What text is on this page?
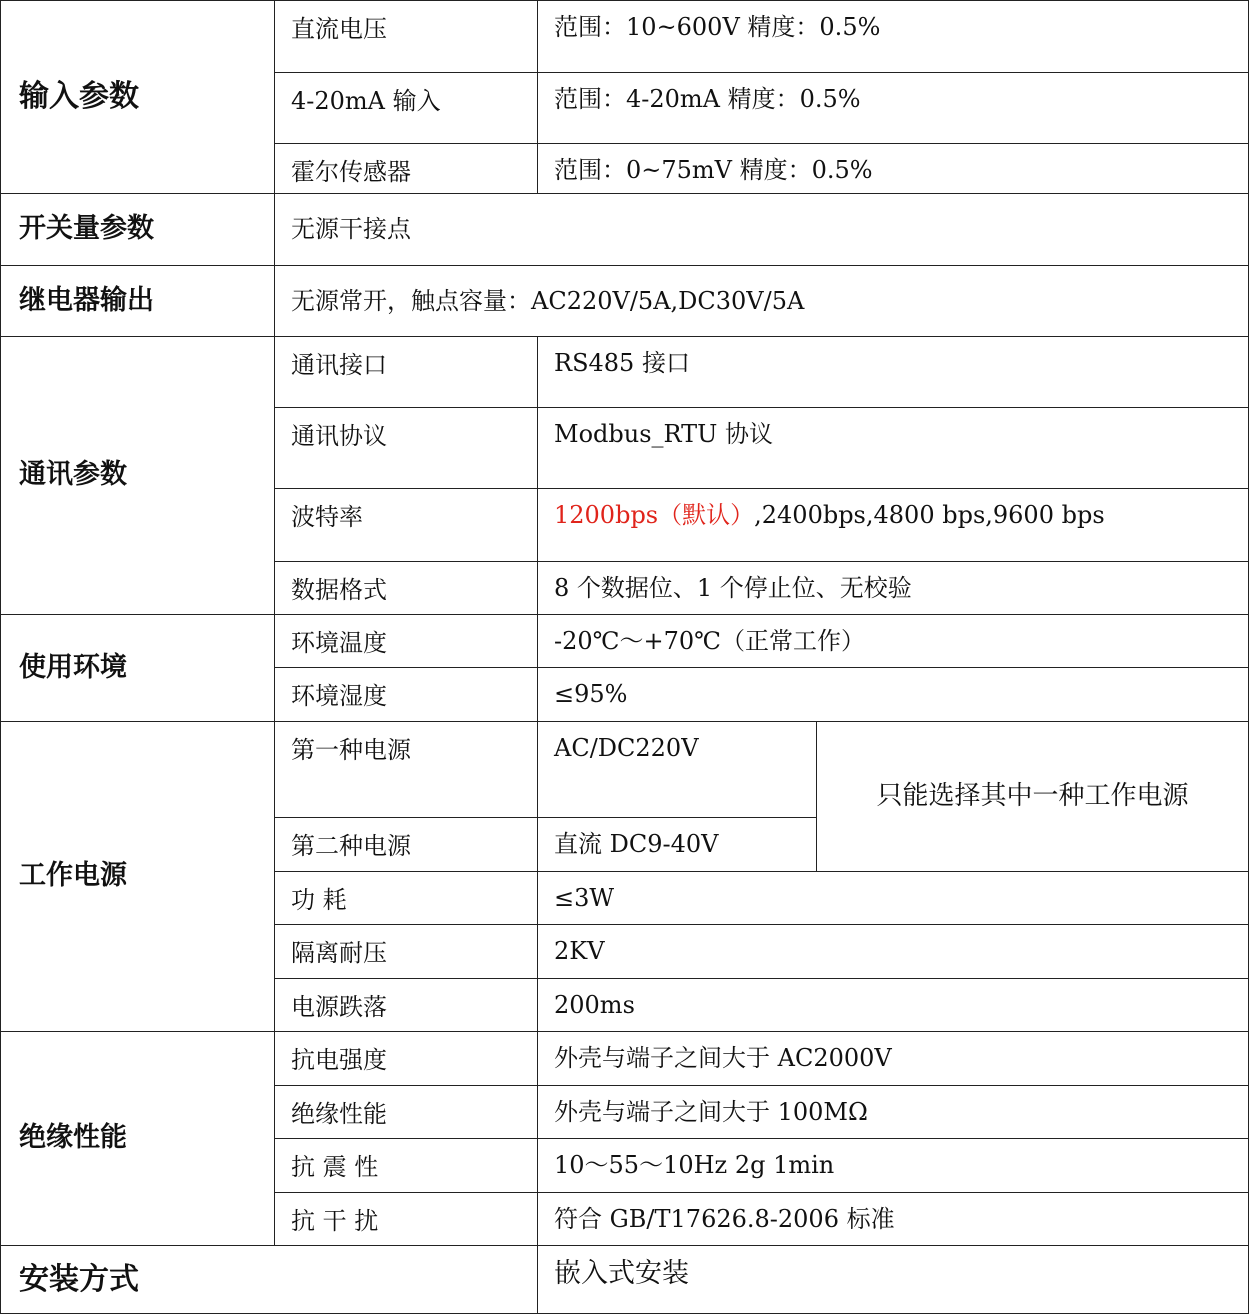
输入参数	直流电压	范围：10~600V 精度：0.5%	
	4-20mA 输入	范围：4-20mA 精度：0.5%	
	霍尔传感器	范围：0~75mV 精度：0.5%	
开关量参数	无源干接点		
继电器输出	无源常开，触点容量：AC220V/5A,DC30V/5A		
通讯参数	通讯接口	RS485 接口	
	通讯协议	Modbus_RTU 协议	
	波特率	1200bps（默认）,2400bps,4800 bps,9600 bps	
	数据格式	8 个数据位、1 个停止位、无校验	
使用环境	环境温度	-20℃～+70℃（正常工作）	
	环境湿度	≤95%	
工作电源	第一种电源	AC/DC220V	只能选择其中一种工作电源
	第二种电源	直流 DC9-40V	
	功 耗	≤3W	
	隔离耐压	2KV	
	电源跌落	200ms	
绝缘性能	抗电强度	外壳与端子之间大于 AC2000V	
	绝缘性能	外壳与端子之间大于 100MΩ	
	抗 震 性	10～55～10Hz 2g 1min	
	抗 干 扰	符合 GB/T17626.8-2006 标准	
安装方式		嵌入式安装	
